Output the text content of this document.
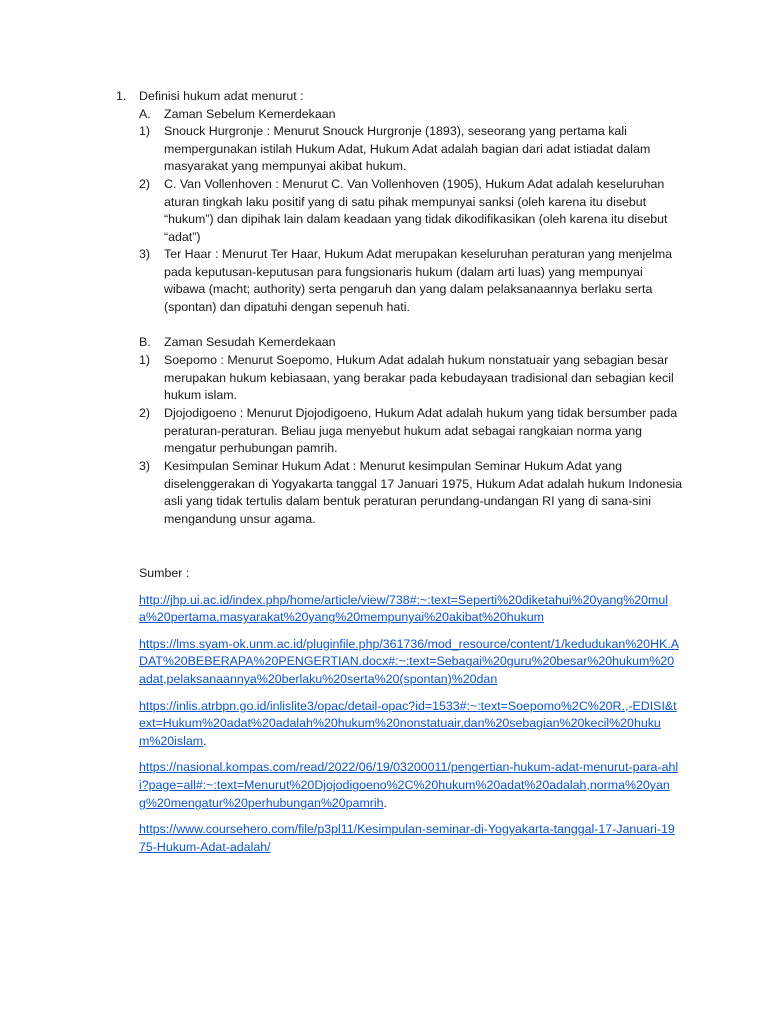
1. Definisi hukum adat menurut :
A. Zaman Sebelum Kemerdekaan
1) Snouck Hurgronje : Menurut Snouck Hurgronje (1893), seseorang yang pertama kali mempergunakan istilah Hukum Adat, Hukum Adat adalah bagian dari adat istiadat dalam masyarakat yang mempunyai akibat hukum.
2) C. Van Vollenhoven : Menurut C. Van Vollenhoven (1905), Hukum Adat adalah keseluruhan aturan tingkah laku positif yang di satu pihak mempunyai sanksi (oleh karena itu disebut “hukum”) dan dipihak lain dalam keadaan yang tidak dikodifikasikan (oleh karena itu disebut “adat”)
3) Ter Haar : Menurut Ter Haar, Hukum Adat merupakan keseluruhan peraturan yang menjelma pada keputusan-keputusan para fungsionaris hukum (dalam arti luas) yang mempunyai wibawa (macht; authority) serta pengaruh dan yang dalam pelaksanaannya berlaku serta (spontan) dan dipatuhi dengan sepenuh hati.
B. Zaman Sesudah Kemerdekaan
1) Soepomo : Menurut Soepomo, Hukum Adat adalah hukum nonstatuair yang sebagian besar merupakan hukum kebiasaan, yang berakar pada kebudayaan tradisional dan sebagian kecil hukum islam.
2) Djojodigoeno : Menurut Djojodigoeno, Hukum Adat adalah hukum yang tidak bersumber pada peraturan-peraturan. Beliau juga menyebut hukum adat sebagai rangkaian norma yang mengatur perhubungan pamrih.
3) Kesimpulan Seminar Hukum Adat : Menurut kesimpulan Seminar Hukum Adat yang diselenggerakan di Yogyakarta tanggal 17 Januari 1975, Hukum Adat adalah hukum Indonesia asli yang tidak tertulis dalam bentuk peraturan perundang-undangan RI yang di sana-sini mengandung unsur agama.
Sumber :
http://jhp.ui.ac.id/index.php/home/article/view/738#:~:text=Seperti%20diketahui%20yang%20mula%20pertama,masyarakat%20yang%20mempunyai%20akibat%20hukum
https://lms.syam-ok.unm.ac.id/pluginfile.php/361736/mod_resource/content/1/kedudukan%20HK.ADAT%20BEBERAPA%20PENGERTIAN.docx#:~:text=Sebagai%20guru%20besar%20hukum%20adat,pelaksanaannya%20berlaku%20serta%20(spontan)%20dan
https://inlis.atrbpn.go.id/inlislite3/opac/detail-opac?id=1533#:~:text=Soepomo%2C%20R.,-EDISI&text=Hukum%20adat%20adalah%20hukum%20nonstatuair,dan%20sebagian%20kecil%20hukum%20islam.
https://nasional.kompas.com/read/2022/06/19/03200011/pengertian-hukum-adat-menurut-para-ahli?page=all#:~:text=Menurut%20Djojodigoeno%2C%20hukum%20adat%20adalah,norma%20yang%20mengatur%20perhubungan%20pamrih.
https://www.coursehero.com/file/p3pl11/Kesimpulan-seminar-di-Yogyakarta-tanggal-17-Januari-1975-Hukum-Adat-adalah/
